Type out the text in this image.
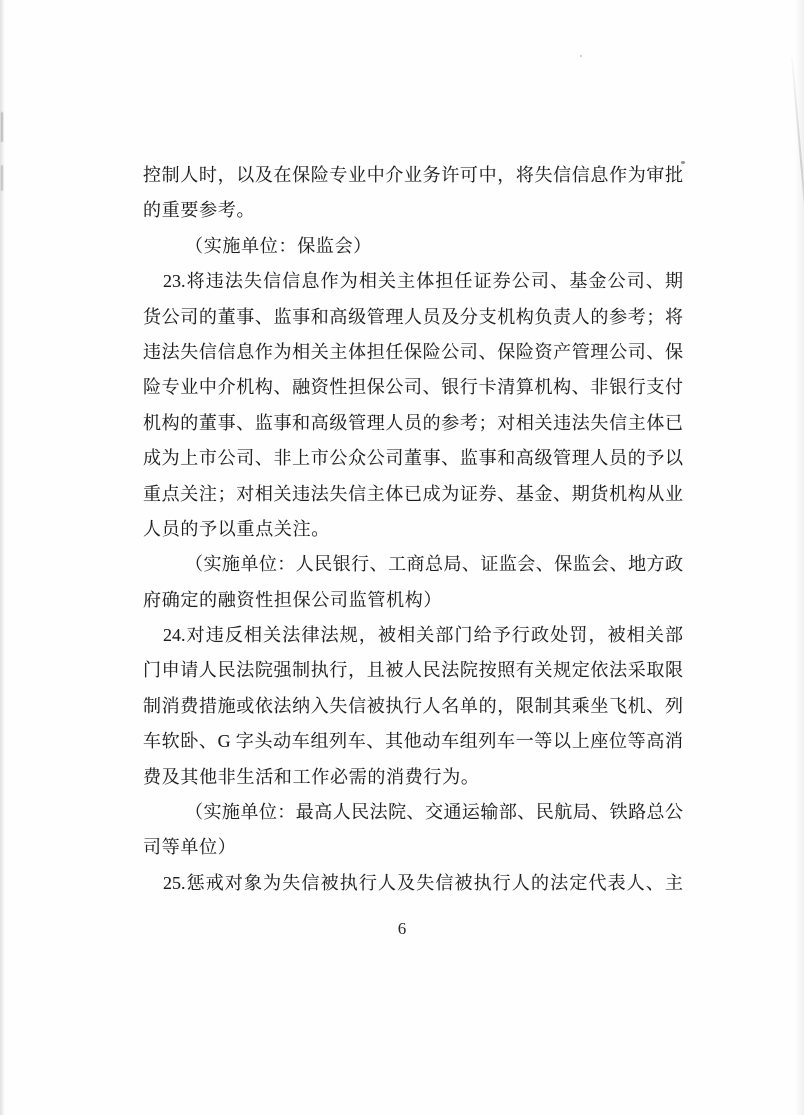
控制人时，以及在保险专业中介业务许可中，将失信信息作为审批
的重要参考。
（实施单位：保监会）
23.将违法失信信息作为相关主体担任证券公司、基金公司、期
货公司的董事、监事和高级管理人员及分支机构负责人的参考；将
违法失信信息作为相关主体担任保险公司、保险资产管理公司、保
险专业中介机构、融资性担保公司、银行卡清算机构、非银行支付
机构的董事、监事和高级管理人员的参考；对相关违法失信主体已
成为上市公司、非上市公众公司董事、监事和高级管理人员的予以
重点关注；对相关违法失信主体已成为证券、基金、期货机构从业
人员的予以重点关注。
（实施单位：人民银行、工商总局、证监会、保监会、地方政
府确定的融资性担保公司监管机构）
24.对违反相关法律法规，被相关部门给予行政处罚，被相关部
门申请人民法院强制执行，且被人民法院按照有关规定依法采取限
制消费措施或依法纳入失信被执行人名单的，限制其乘坐飞机、列
车软卧、G 字头动车组列车、其他动车组列车一等以上座位等高消
费及其他非生活和工作必需的消费行为。
（实施单位：最高人民法院、交通运输部、民航局、铁路总公
司等单位）
25.惩戒对象为失信被执行人及失信被执行人的法定代表人、主
6
